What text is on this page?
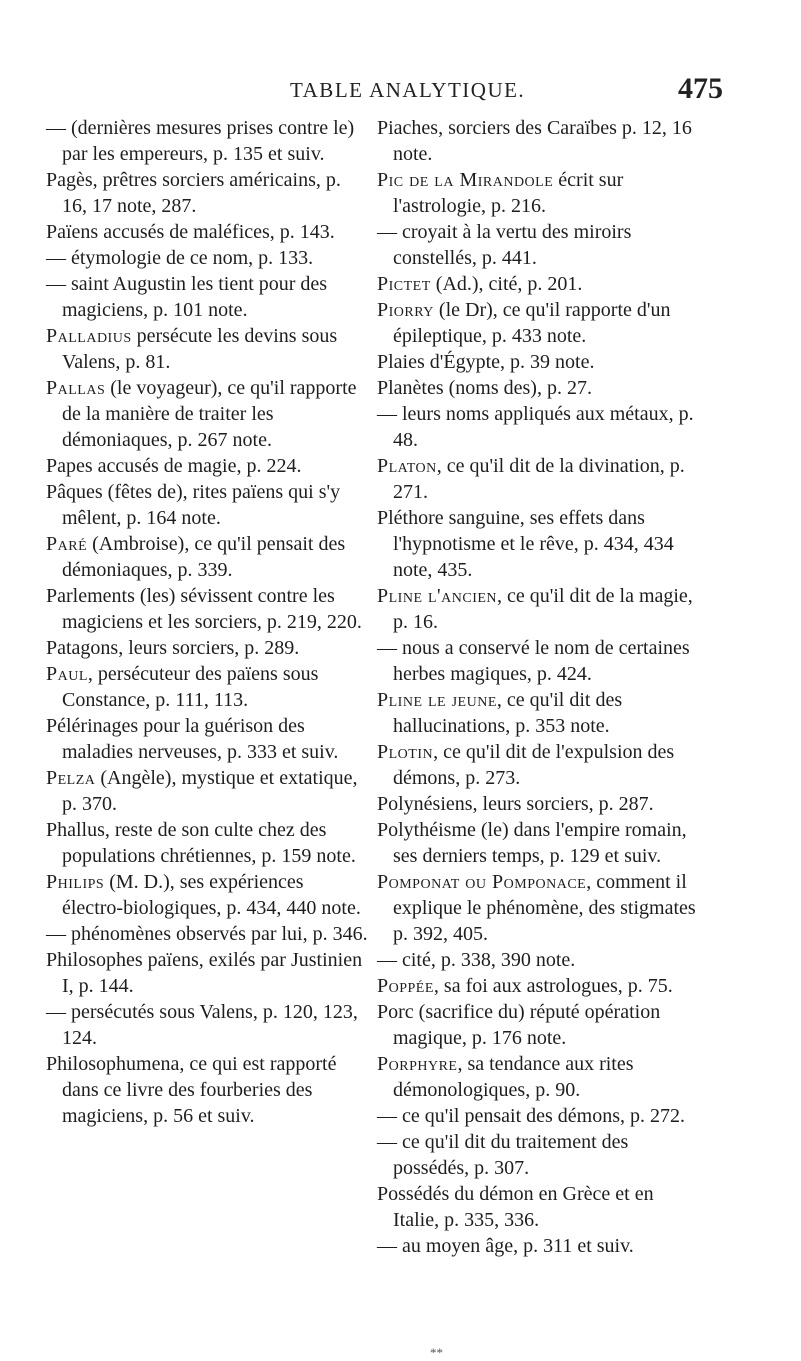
TABLE ANALYTIQUE.	475

— (dernières mesures prises contre le) par les empereurs, p. 135 et suiv.

Pagès, prêtres sorciers américains, p. 16, 17 note, 287.

Païens accusés de maléfices, p. 143.

— étymologie de ce nom, p. 133.

— saint Augustin les tient pour des magiciens, p. 101 note.

Palladius persécute les devins sous Valens, p. 81.

Pallas (le voyageur), ce qu'il rapporte de la manière de traiter les démoniaques, p. 267 note.

Papes accusés de magie, p. 224.

Pâques (fêtes de), rites païens qui s'y mêlent, p. 164 note.

Paré (Ambroise), ce qu'il pensait des démoniaques, p. 339.

Parlements (les) sévissent contre les magiciens et les sorciers, p. 219, 220.

Patagons, leurs sorciers, p. 289.

Paul, persécuteur des païens sous Constance, p. 111, 113.

Pélérinages pour la guérison des maladies nerveuses, p. 333 et suiv.

Pelza (Angèle), mystique et extatique, p. 370.

Phallus, reste de son culte chez des populations chrétiennes, p. 159 note.

Philips (M. D.), ses expériences électro-biologiques, p. 434, 440 note.

— phénomènes observés par lui, p. 346.

Philosophes païens, exilés par Justinien I, p. 144.

— persécutés sous Valens, p. 120, 123, 124.

Philosophumena, ce qui est rapporté dans ce livre des fourberies des magiciens, p. 56 et suiv.

Piaches, sorciers des Caraïbes p. 12, 16 note.

Pic de la Mirandole écrit sur l'astrologie, p. 216.

— croyait à la vertu des miroirs constellés, p. 441.

Pictet (Ad.), cité, p. 201.

Piorry (le Dr), ce qu'il rapporte d'un épileptique, p. 433 note.

Plaies d'Égypte, p. 39 note.

Planètes (noms des), p. 27.

— leurs noms appliqués aux métaux, p. 48.

Platon, ce qu'il dit de la divination, p. 271.

Pléthore sanguine, ses effets dans l'hypnotisme et le rêve, p. 434, 434 note, 435.

Pline l'ancien, ce qu'il dit de la magie, p. 16.

— nous a conservé le nom de certaines herbes magiques, p. 424.

Pline le jeune, ce qu'il dit des hallucinations, p. 353 note.

Plotin, ce qu'il dit de l'expulsion des démons, p. 273.

Polynésiens, leurs sorciers, p. 287.

Polythéisme (le) dans l'empire romain, ses derniers temps, p. 129 et suiv.

Pomponat ou Pomponace, comment il explique le phénomène, des stigmates p. 392, 405.

— cité, p. 338, 390 note.

Poppée, sa foi aux astrologues, p. 75.

Porc (sacrifice du) réputé opération magique, p. 176 note.

Porphyre, sa tendance aux rites démonologiques, p. 90.

— ce qu'il pensait des démons, p. 272.

— ce qu'il dit du traitement des possédés, p. 307.

Possédés du démon en Grèce et en Italie, p. 335, 336.

— au moyen âge, p. 311 et suiv.

**
